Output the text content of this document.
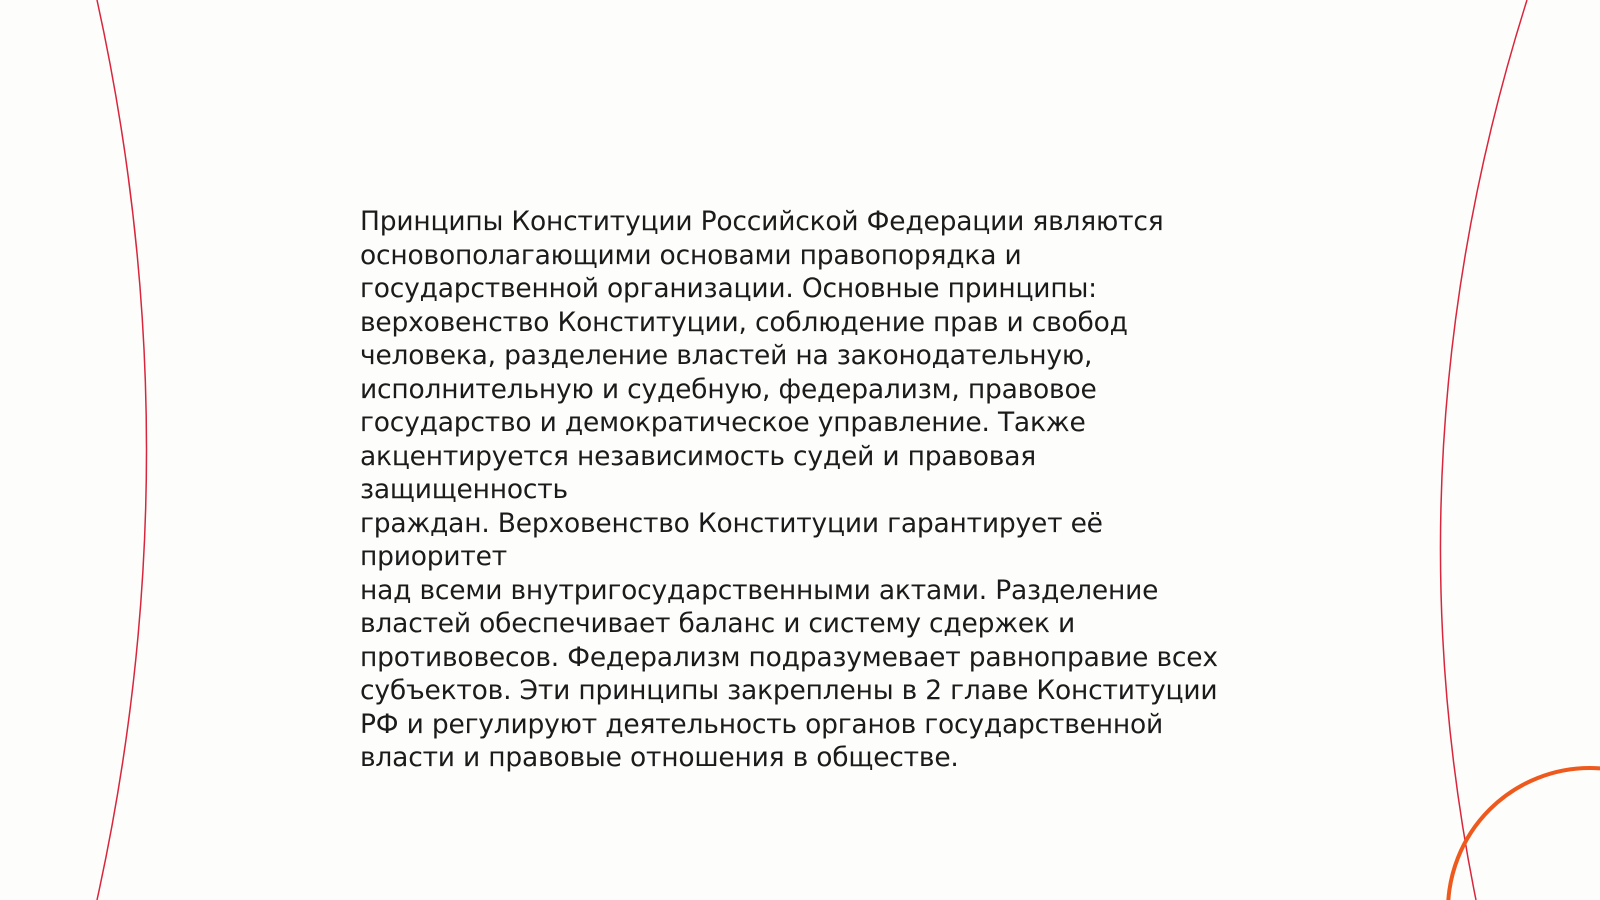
Принципы Конституции Российской Федерации являются
основополагающими основами правопорядка и
государственной организации. Основные принципы:
верховенство Конституции, соблюдение прав и свобод
человека, разделение властей на законодательную,
исполнительную и судебную, федерализм, правовое
государство и демократическое управление. Также
акцентируется независимость судей и правовая защищенность
граждан. Верховенство Конституции гарантирует её приоритет
над всеми внутригосударственными актами. Разделение
властей обеспечивает баланс и систему сдержек и
противовесов. Федерализм подразумевает равноправие всех
субъектов. Эти принципы закреплены в 2 главе Конституции
РФ и регулируют деятельность органов государственной
власти и правовые отношения в обществе.
